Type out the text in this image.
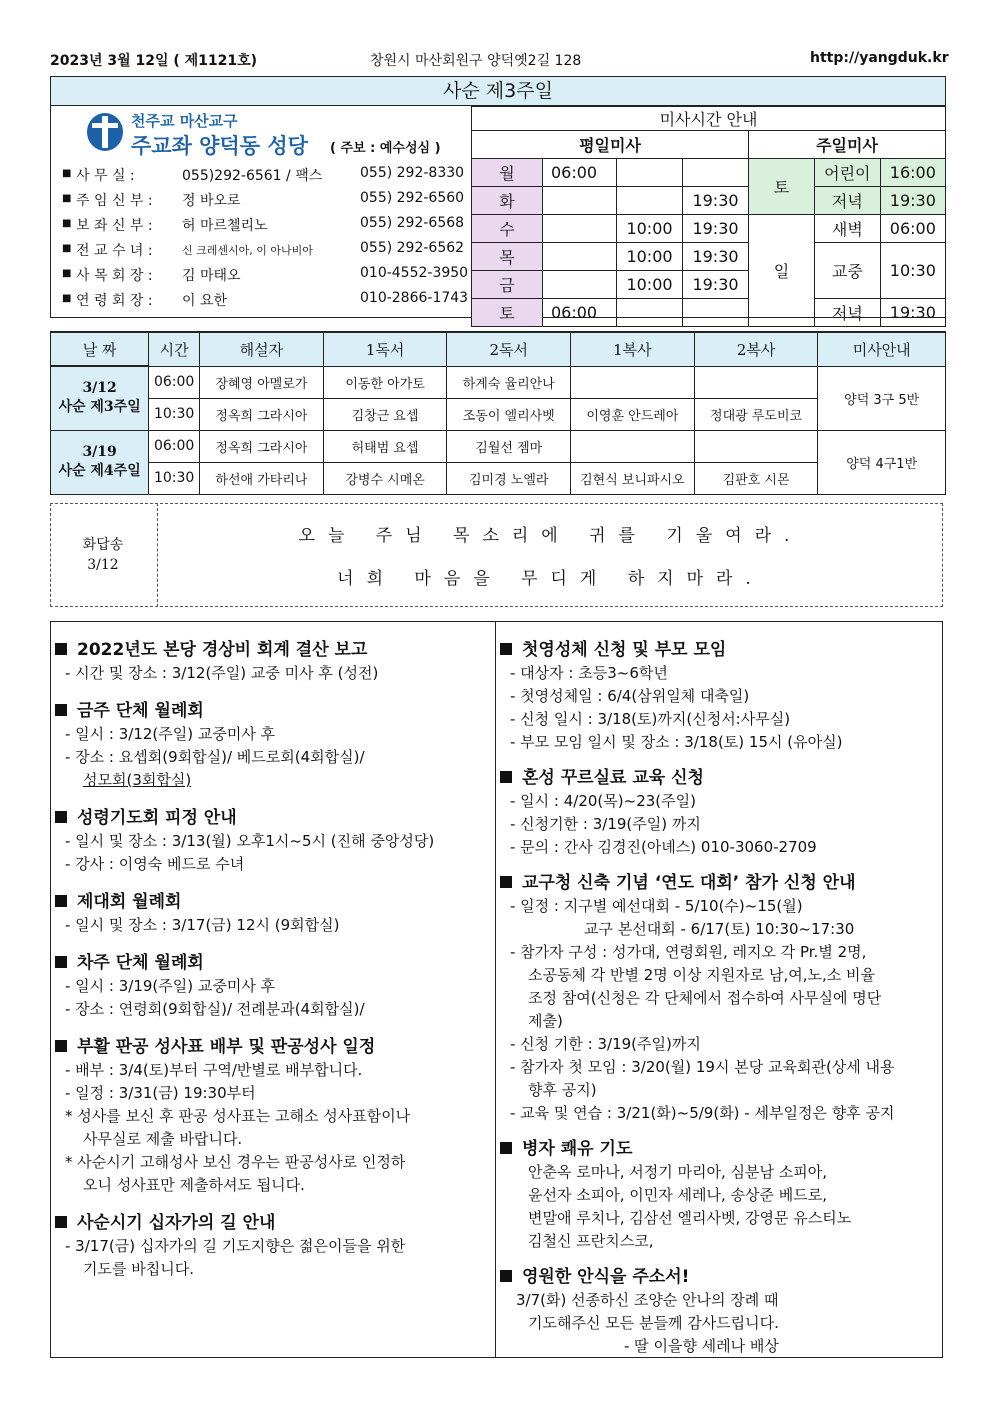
2023년 3월 12일 ( 제1121호)	창원시 마산회원구 양덕옛2길 128	http://yangduk.kr
사순 제3주일
천주교 마산교구
주교좌 양덕동 성당 ( 주보 : 예수성심 )
■ 사 무 실 :	055)292-6561 / 팩스	055) 292-8330
■ 주 임 신 부 :	정 바오로	055) 292-6560
■ 보 좌 신 부 :	허 마르첼리노	055) 292-6568
■ 전 교 수 녀 :	신 크레센시아, 이 아나비아	055) 292-6562
■ 사 목 회 장 :	김 마태오	010-4552-3950
■ 연 령 회 장 :	이 요한	010-2866-1743
미사시간 안내						
평일미사				주일미사		
월	06:00			토	어린이	16:00
화			19:30		저녁	19:30
수		10:00	19:30	일	새벽	06:00
목		10:00	19:30		교중	10:30
금		10:00	19:30			
토	06:00				저녁	19:30
날 짜	시간	해설자	1독서	2독서	1복사	2복사	미사안내

3/12
사순 제3주일	06:00	장혜영 아멜로가	이동한 아가토	하계숙 율리안나			양덕 3구 5반
	10:30	정옥희 그라시아	김창근 요셉	조동이 엘리사벳	이영훈 안드레아	정대광 루도비코	

3/19
사순 제4주일	06:00	정옥희 그라시아	허태범 요셉	김월선 젬마			양덕 4구1반
	10:30	하선애 가타리나	강병수 시메온	김미경 노엘라	김현식 보니파시오	김판호 시몬	
화답송
3/12
오늘 주님 목소리에 귀를 기울여라.
너희 마음을 무디게 하지마라.
2022년도 본당 경상비 회계 결산 보고

- 시간 및 장소 : 3/12(주일) 교중 미사 후 (성전)

금주 단체 월례회

- 일시 : 3/12(주일) 교중미사 후

- 장소 : 요셉회(9회합실)/ 베드로회(4회합실)/

성모회(3회합실)

성령기도회 피정 안내

- 일시 및 장소 : 3/13(월) 오후1시~5시 (진해 중앙성당)

- 강사 : 이영숙 베드로 수녀

제대회 월례회

- 일시 및 장소 : 3/17(금) 12시 (9회합실)

차주 단체 월례회

- 일시 : 3/19(주일) 교중미사 후

- 장소 : 연령회(9회합실)/ 전례분과(4회합실)/

부활 판공 성사표 배부 및 판공성사 일정

- 배부 : 3/4(토)부터 구역/반별로 배부합니다.

- 일정 : 3/31(금) 19:30부터

* 성사를 보신 후 판공 성사표는 고해소 성사표함이나

사무실로 제출 바랍니다.

* 사순시기 고해성사 보신 경우는 판공성사로 인정하

오니 성사표만 제출하셔도 됩니다.

사순시기 십자가의 길 안내

- 3/17(금) 십자가의 길 기도지향은 젊은이들을 위한

기도를 바칩니다.

첫영성체 신청 및 부모 모임

- 대상자 : 초등3~6학년

- 첫영성체일 : 6/4(삼위일체 대축일)

- 신청 일시 : 3/18(토)까지(신청서:사무실)

- 부모 모임 일시 및 장소 : 3/18(토) 15시 (유아실)

혼성 꾸르실료 교육 신청

- 일시 : 4/20(목)~23(주일)

- 신청기한 : 3/19(주일) 까지

- 문의 : 간사 김경진(아녜스) 010-3060-2709

교구청 신축 기념 ‘연도 대회’ 참가 신청 안내

- 일정 : 지구별 예선대회 - 5/10(수)~15(월)

교구 본선대회 - 6/17(토) 10:30~17:30

- 참가자 구성 : 성가대, 연령회원, 레지오 각 Pr.별 2명,

소공동체 각 반별 2명 이상 지원자로 남,여,노,소 비율

조정 참여(신청은 각 단체에서 접수하여 사무실에 명단

제출)

- 신청 기한 : 3/19(주일)까지

- 참가자 첫 모임 : 3/20(월) 19시 본당 교육회관(상세 내용

향후 공지)

- 교육 및 연습 : 3/21(화)~5/9(화) - 세부일정은 향후 공지

병자 쾌유 기도

안춘옥 로마나, 서정기 마리아, 심분남 소피아,

윤선자 소피아, 이민자 세레나, 송상준 베드로,

변말애 루치나, 김삼선 엘리사벳, 강영문 유스티노

김철신 프란치스코,

영원한 안식을 주소서!

3/7(화) 선종하신 조양순 안나의 장례 때

기도해주신 모든 분들께 감사드립니다.

- 딸 이을향 세레나 배상
